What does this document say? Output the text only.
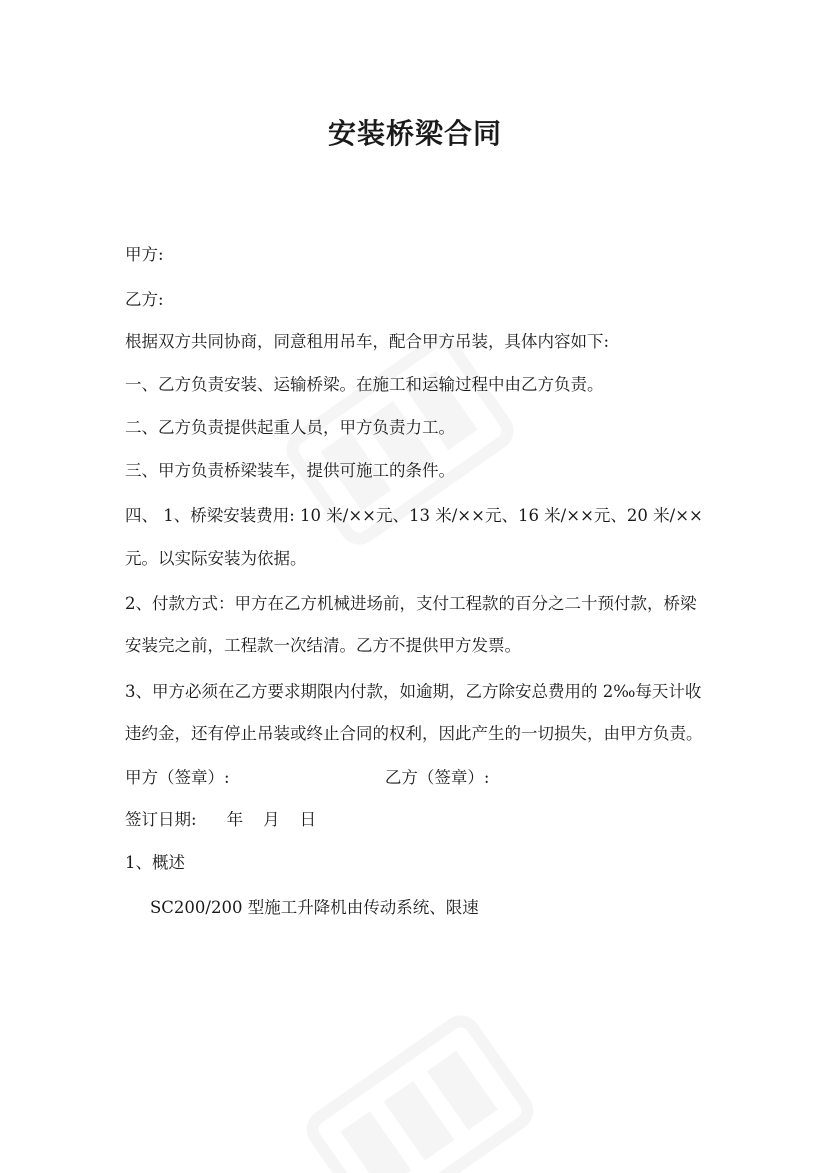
安装桥梁合同
甲方:
乙方:
根据双方共同协商，同意租用吊车，配合甲方吊装，具体内容如下:
一、乙方负责安装、运输桥梁。在施工和运输过程中由乙方负责。
二、乙方负责提供起重人员，甲方负责力工。
三、甲方负责桥梁装车，提供可施工的条件。
四、 1、桥梁安装费用: 10 米/××元、13 米/××元、16 米/××元、20 米/××
元。以实际安装为依据。
2、付款方式：甲方在乙方机械进场前，支付工程款的百分之二十预付款，桥梁
安装完之前，工程款一次结清。乙方不提供甲方发票。
3、甲方必须在乙方要求期限内付款，如逾期，乙方除安总费用的 2‰每天计收
违约金，还有停止吊装或终止合同的权利，因此产生的一切损失，由甲方负责。
甲方（签章）:	乙方（签章）:
签订日期: 年 月 日
1、概述
SC200/200 型施工升降机由传动系统、限速
